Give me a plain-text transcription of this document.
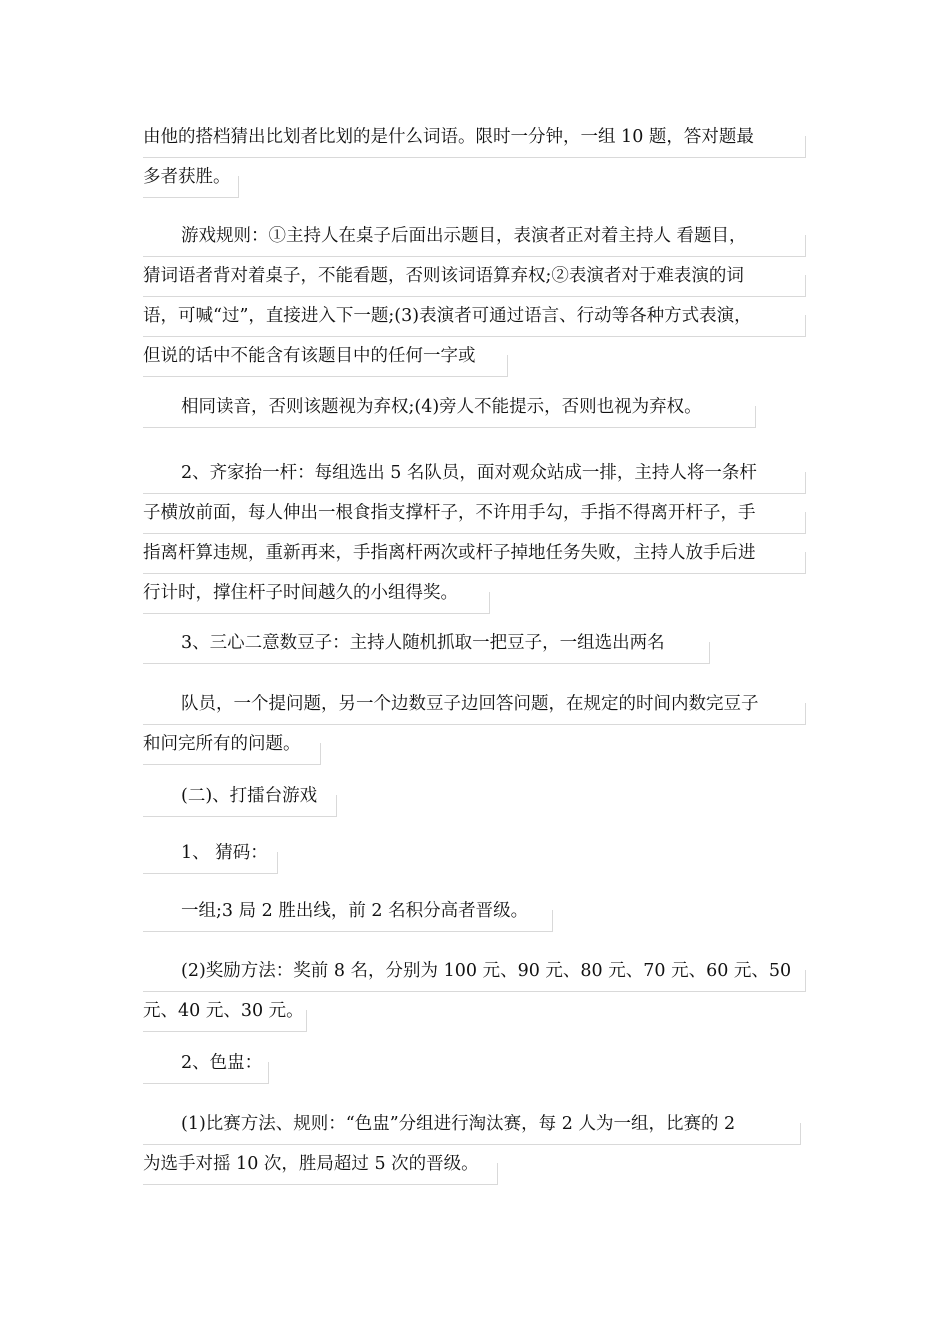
由他的搭档猜出比划者比划的是什么词语。限时一分钟，一组 10 题，答对题最
多者获胜。
游戏规则：①主持人在桌子后面出示题目，表演者正对着主持人 看题目，
猜词语者背对着桌子，不能看题，否则该词语算弃权;②表演者对于难表演的词
语，可喊“过”，直接进入下一题;(3)表演者可通过语言、行动等各种方式表演，
但说的话中不能含有该题目中的任何一字或
相同读音，否则该题视为弃权;(4)旁人不能提示，否则也视为弃权。
2、齐家抬一杆：每组选出 5 名队员，面对观众站成一排，主持人将一条杆
子横放前面，每人伸出一根食指支撑杆子，不许用手勾，手指不得离开杆子，手
指离杆算违规，重新再来，手指离杆两次或杆子掉地任务失败，主持人放手后进
行计时，撑住杆子时间越久的小组得奖。
3、三心二意数豆子：主持人随机抓取一把豆子，一组选出两名
队员，一个提问题，另一个边数豆子边回答问题，在规定的时间内数完豆子
和问完所有的问题。
(二)、打擂台游戏
1、 猜码：
一组;3 局 2 胜出线，前 2 名积分高者晋级。
(2)奖励方法：奖前 8 名，分别为 100 元、90 元、80 元、70 元、60 元、50
元、40 元、30 元。
2、色盅：
(1)比赛方法、规则：“色盅”分组进行淘汰赛，每 2 人为一组，比赛的 2
为选手对摇 10 次，胜局超过 5 次的晋级。
